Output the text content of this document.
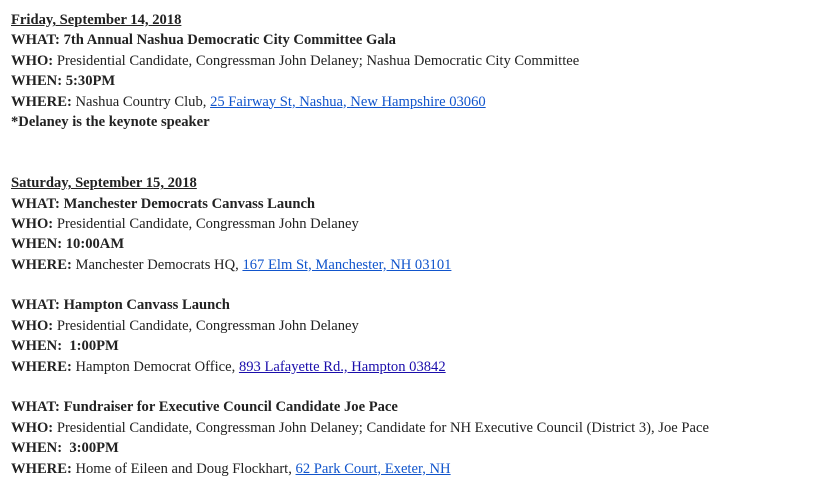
Friday, September 14, 2018
WHAT: 7th Annual Nashua Democratic City Committee Gala
WHO: Presidential Candidate, Congressman John Delaney; Nashua Democratic City Committee
WHEN: 5:30PM
WHERE: Nashua Country Club, 25 Fairway St, Nashua, New Hampshire 03060
*Delaney is the keynote speaker
Saturday, September 15, 2018
WHAT: Manchester Democrats Canvass Launch
WHO: Presidential Candidate, Congressman John Delaney
WHEN: 10:00AM
WHERE: Manchester Democrats HQ, 167 Elm St, Manchester, NH 03101
WHAT: Hampton Canvass Launch
WHO: Presidential Candidate, Congressman John Delaney
WHEN: 1:00PM
WHERE: Hampton Democrat Office, 893 Lafayette Rd., Hampton 03842
WHAT: Fundraiser for Executive Council Candidate Joe Pace
WHO: Presidential Candidate, Congressman John Delaney; Candidate for NH Executive Council (District 3), Joe Pace
WHEN: 3:00PM
WHERE: Home of Eileen and Doug Flockhart, 62 Park Court, Exeter, NH
